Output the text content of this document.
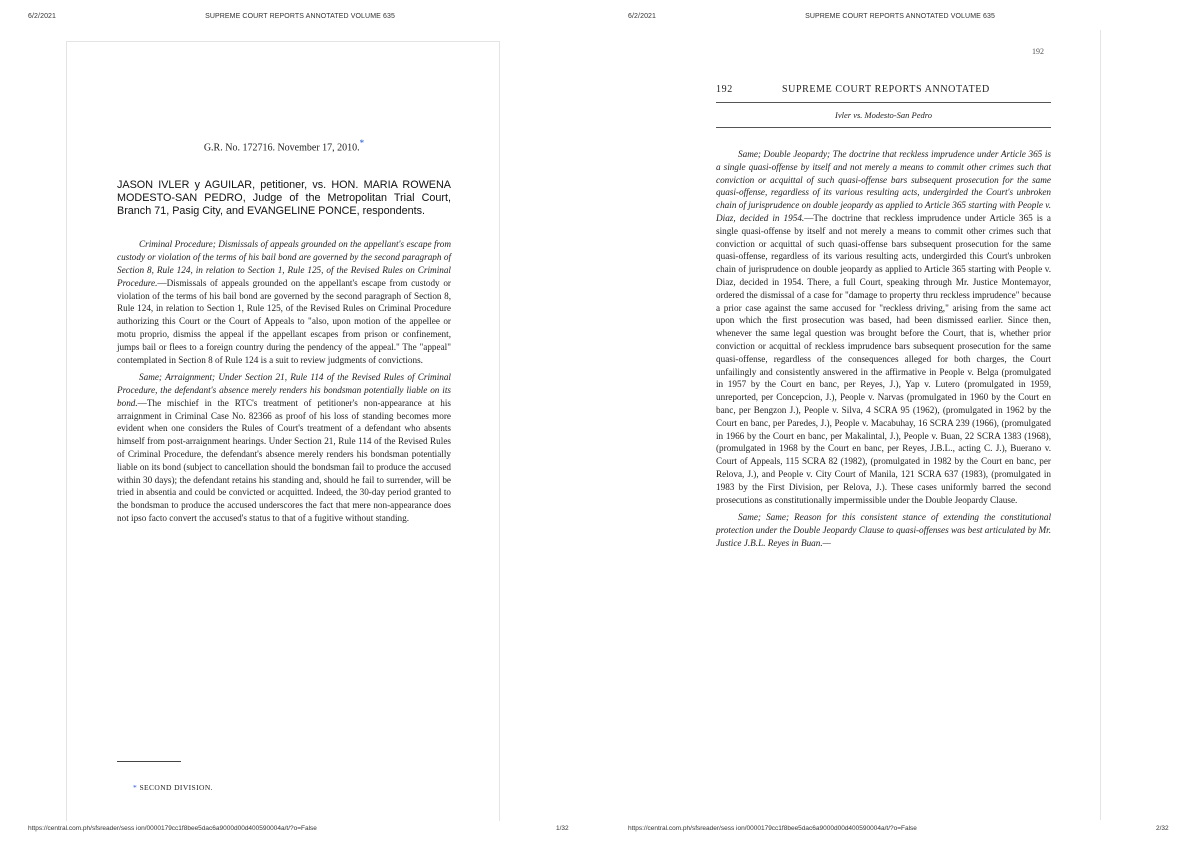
6/2/2021	SUPREME COURT REPORTS ANNOTATED VOLUME 635
https://central.com.ph/sfsreader/sess ion/0000179cc1f8bee5dac6a9000d00d400590004a/t/?o=False	1/32

G.R. No. 172716. November 17, 2010.*

JASON IVLER y AGUILAR, petitioner, vs. HON. MARIA ROWENA MODESTO-SAN PEDRO, Judge of the Metropolitan Trial Court, Branch 71, Pasig City, and EVANGELINE PONCE, respondents.

Criminal Procedure; Dismissals of appeals grounded on the appellant's escape from custody or violation of the terms of his bail bond are governed by the second paragraph of Section 8, Rule 124, in relation to Section 1, Rule 125, of the Revised Rules on Criminal Procedure.—Dismissals of appeals grounded on the appellant's escape from custody or violation of the terms of his bail bond are governed by the second paragraph of Section 8, Rule 124, in relation to Section 1, Rule 125, of the Revised Rules on Criminal Procedure authorizing this Court or the Court of Appeals to "also, upon motion of the appellee or motu proprio, dismiss the appeal if the appellant escapes from prison or confinement, jumps bail or flees to a foreign country during the pendency of the appeal." The "appeal" contemplated in Section 8 of Rule 124 is a suit to review judgments of convictions.

Same; Arraignment; Under Section 21, Rule 114 of the Revised Rules of Criminal Procedure, the defendant's absence merely renders his bondsman potentially liable on its bond.—The mischief in the RTC's treatment of petitioner's non-appearance at his arraignment in Criminal Case No. 82366 as proof of his loss of standing becomes more evident when one considers the Rules of Court's treatment of a defendant who absents himself from post-arraignment hearings. Under Section 21, Rule 114 of the Revised Rules of Criminal Procedure, the defendant's absence merely renders his bondsman potentially liable on its bond (subject to cancellation should the bondsman fail to produce the accused within 30 days); the defendant retains his standing and, should he fail to surrender, will be tried in absentia and could be convicted or acquitted. Indeed, the 30-day period granted to the bondsman to produce the accused underscores the fact that mere non-appearance does not ipso facto convert the accused's status to that of a fugitive without standing.

* SECOND DIVISION.
6/2/2021	SUPREME COURT REPORTS ANNOTATED VOLUME 635
https://central.com.ph/sfsreader/sess ion/0000179cc1f8bee5dac6a9000d00d400590004a/t/?o=False	2/32
192
192	SUPREME COURT REPORTS ANNOTATED
Ivler vs. Modesto-San Pedro

Same; Double Jeopardy; The doctrine that reckless imprudence under Article 365 is a single quasi-offense by itself and not merely a means to commit other crimes such that conviction or acquittal of such quasi-offense bars subsequent prosecution for the same quasi-offense, regardless of its various resulting acts, undergirded the Court's unbroken chain of jurisprudence on double jeopardy as applied to Article 365 starting with People v. Diaz, decided in 1954.—The doctrine that reckless imprudence under Article 365 is a single quasi-offense by itself and not merely a means to commit other crimes such that conviction or acquittal of such quasi-offense bars subsequent prosecution for the same quasi-offense, regardless of its various resulting acts, undergirded this Court's unbroken chain of jurisprudence on double jeopardy as applied to Article 365 starting with People v. Diaz, decided in 1954. There, a full Court, speaking through Mr. Justice Montemayor, ordered the dismissal of a case for "damage to property thru reckless imprudence" because a prior case against the same accused for "reckless driving," arising from the same act upon which the first prosecution was based, had been dismissed earlier. Since then, whenever the same legal question was brought before the Court, that is, whether prior conviction or acquittal of reckless imprudence bars subsequent prosecution for the same quasi-offense, regardless of the consequences alleged for both charges, the Court unfailingly and consistently answered in the affirmative in People v. Belga (promulgated in 1957 by the Court en banc, per Reyes, J.), Yap v. Lutero (promulgated in 1959, unreported, per Concepcion, J.), People v. Narvas (promulgated in 1960 by the Court en banc, per Bengzon J.), People v. Silva, 4 SCRA 95 (1962), (promulgated in 1962 by the Court en banc, per Paredes, J.), People v. Macabuhay, 16 SCRA 239 (1966), (promulgated in 1966 by the Court en banc, per Makalintal, J.), People v. Buan, 22 SCRA 1383 (1968), (promulgated in 1968 by the Court en banc, per Reyes, J.B.L., acting C. J.), Buerano v. Court of Appeals, 115 SCRA 82 (1982), (promulgated in 1982 by the Court en banc, per Relova, J.), and People v. City Court of Manila, 121 SCRA 637 (1983), (promulgated in 1983 by the First Division, per Relova, J.). These cases uniformly barred the second prosecutions as constitutionally impermissible under the Double Jeopardy Clause.

Same; Same; Reason for this consistent stance of extending the constitutional protection under the Double Jeopardy Clause to quasi-offenses was best articulated by Mr. Justice J.B.L. Reyes in Buan.—
